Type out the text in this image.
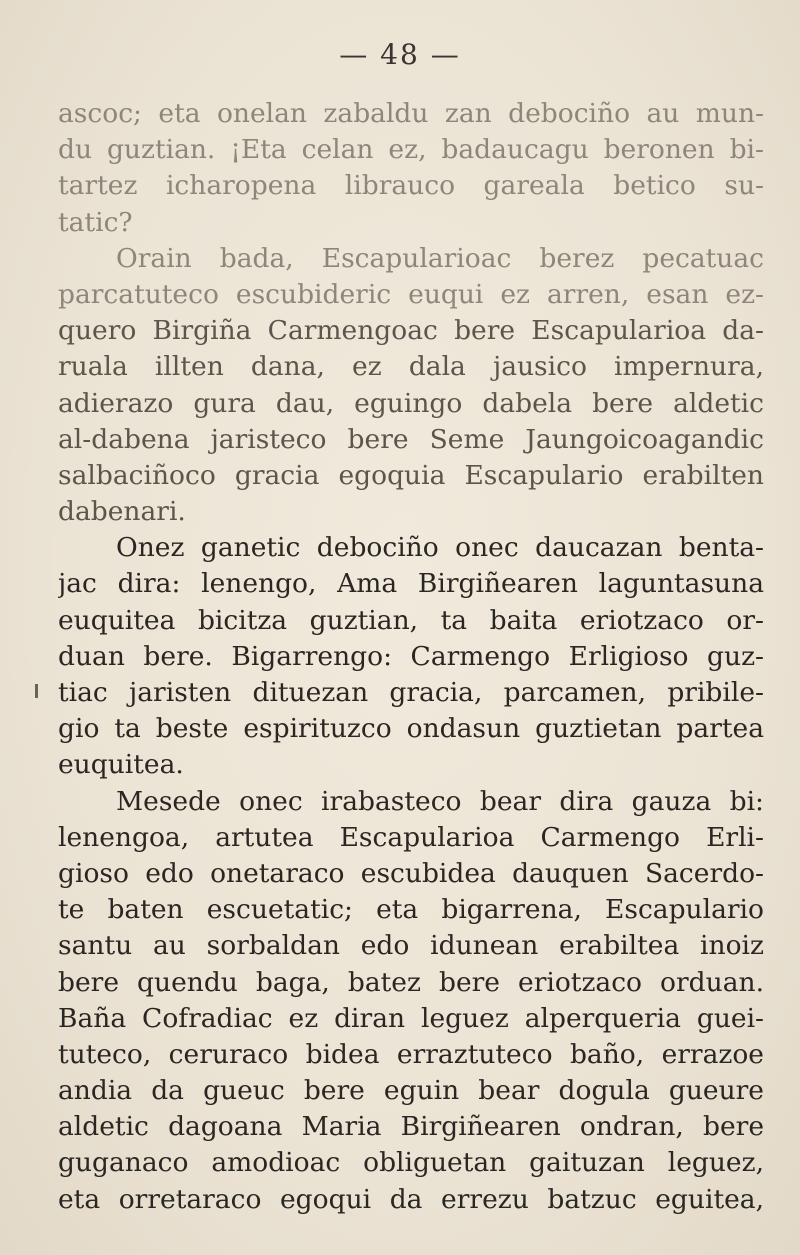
— 48 —
ascoc; eta onelan zabaldu zan debociño au mun-
du guztian. ¡Eta celan ez, badaucagu beronen bi-
tartez icharopena librauco gareala betico su-
tatic?
Orain bada, Escapularioac berez pecatuac
parcatuteco escubideric euqui ez arren, esan ez-
quero Birgiña Carmengoac bere Escapularioa da-
ruala illten dana, ez dala jausico impernura,
adierazo gura dau, eguingo dabela bere aldetic
al-dabena jaristeco bere Seme Jaungoicoagandic
salbaciñoco gracia egoquia Escapulario erabilten
dabenari.
Onez ganetic debociño onec daucazan benta-
jac dira: lenengo, Ama Birgiñearen laguntasuna
euquitea bicitza guztian, ta baita eriotzaco or-
duan bere. Bigarrengo: Carmengo Erligioso guz-
tiac jaristen dituezan gracia, parcamen, pribile-
gio ta beste espirituzco ondasun guztietan partea
euquitea.
Mesede onec irabasteco bear dira gauza bi:
lenengoa, artutea Escapularioa Carmengo Erli-
gioso edo onetaraco escubidea dauquen Sacerdo-
te baten escuetatic; eta bigarrena, Escapulario
santu au sorbaldan edo idunean erabiltea inoiz
bere quendu baga, batez bere eriotzaco orduan.
Baña Cofradiac ez diran leguez alperqueria guei-
tuteco, ceruraco bidea erraztuteco baño, errazoe
andia da gueuc bere eguin bear dogula gueure
aldetic dagoana Maria Birgiñearen ondran, bere
guganaco amodioac obliguetan gaituzan leguez,
eta orretaraco egoqui da errezu batzuc eguitea,
